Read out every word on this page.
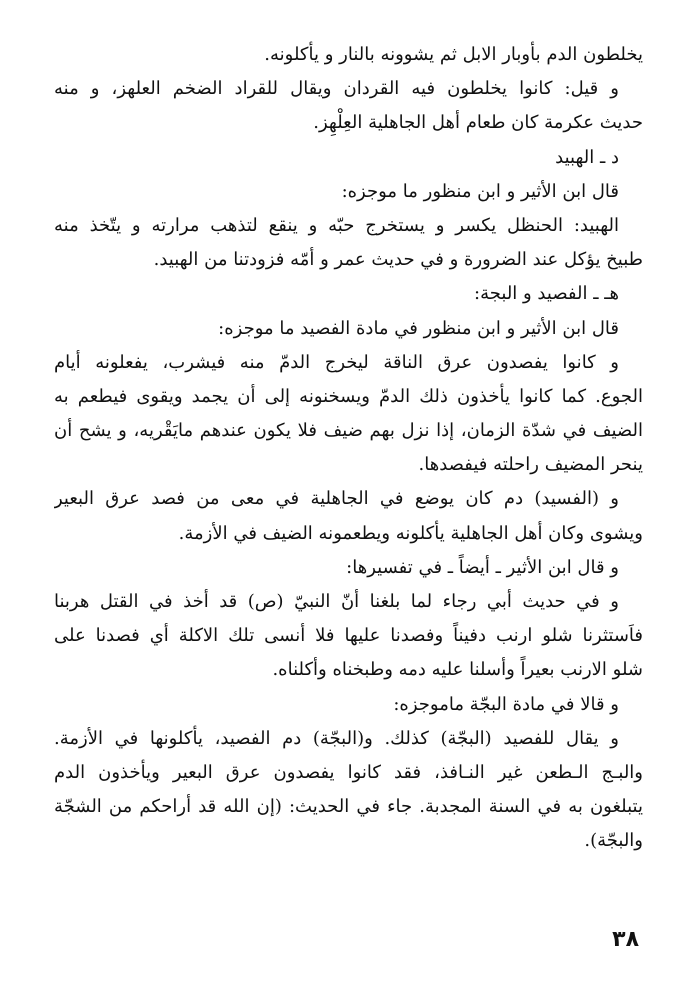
يخلطون الدم بأوبار الابل ثم يشوونه بالنار و يأكلونه.
و قيل: كانوا يخلطون فيه القردان ويقال للقراد الضخم العلهز، و منه
حديث عكرمة كان طعام أهل الجاهلية العِلْهِز.
د ـ الهبيد
قال ابن الأثير و ابن منظور ما موجزه:
الهبيد: الحنظل يكسر و يستخرج حبّه و ينقع لتذهب مرارته و يتّخذ منه
طبيخ يؤكل عند الضرورة و في حديث عمر و أمّه فزودتنا من الهبيد.
هـ ـ الفصيد و البجة:
قال ابن الأثير و ابن منظور في مادة الفصيد ما موجزه:
و كانوا يفصدون عرق الناقة ليخرج الدمّ منه فيشرب، يفعلونه أيام
الجوع. كما كانوا يأخذون ذلك الدمّ ويسخنونه إلى أن يجمد ويقوى فيطعم به
الضيف في شدّة الزمان، إذا نزل بهم ضيف فلا يكون عندهم مايَقْريه، و يشح أن
ينحر المضيف راحلته فيفصدها.
و (الفسيد) دم كان يوضع في الجاهلية في معى من فصد عرق البعير
ويشوى وكان أهل الجاهلية يأكلونه ويطعمونه الضيف في الأزمة.
و قال ابن الأثير ـ أيضاً ـ في تفسيرها:
و في حديث أبي رجاء لما بلغنا أنّ النبيّ (ص) قد أخذ في القتل هربنا
فاَستثرنا شلو ارنب دفيناً وفصدنا عليها فلا أنسى تلك الاكلة أي فصدنا على
شلو الارنب بعيراً وأسلنا عليه دمه وطبخناه وأكلناه.
و قالا في مادة البجّة ماموجزه:
و يقال للفصيد (البجّة) كذلك. و(البجّة) دم الفصيد، يأكلونها في الأزمة.
والبـج الـطعن غير النـافذ، فقد كانوا يفصدون عرق البعير ويأخذون الدم
يتبلغون به في السنة المجدبة. جاء في الحديث: (إن الله قد أراحكم من الشجّة
والبجّة).
٣٨
